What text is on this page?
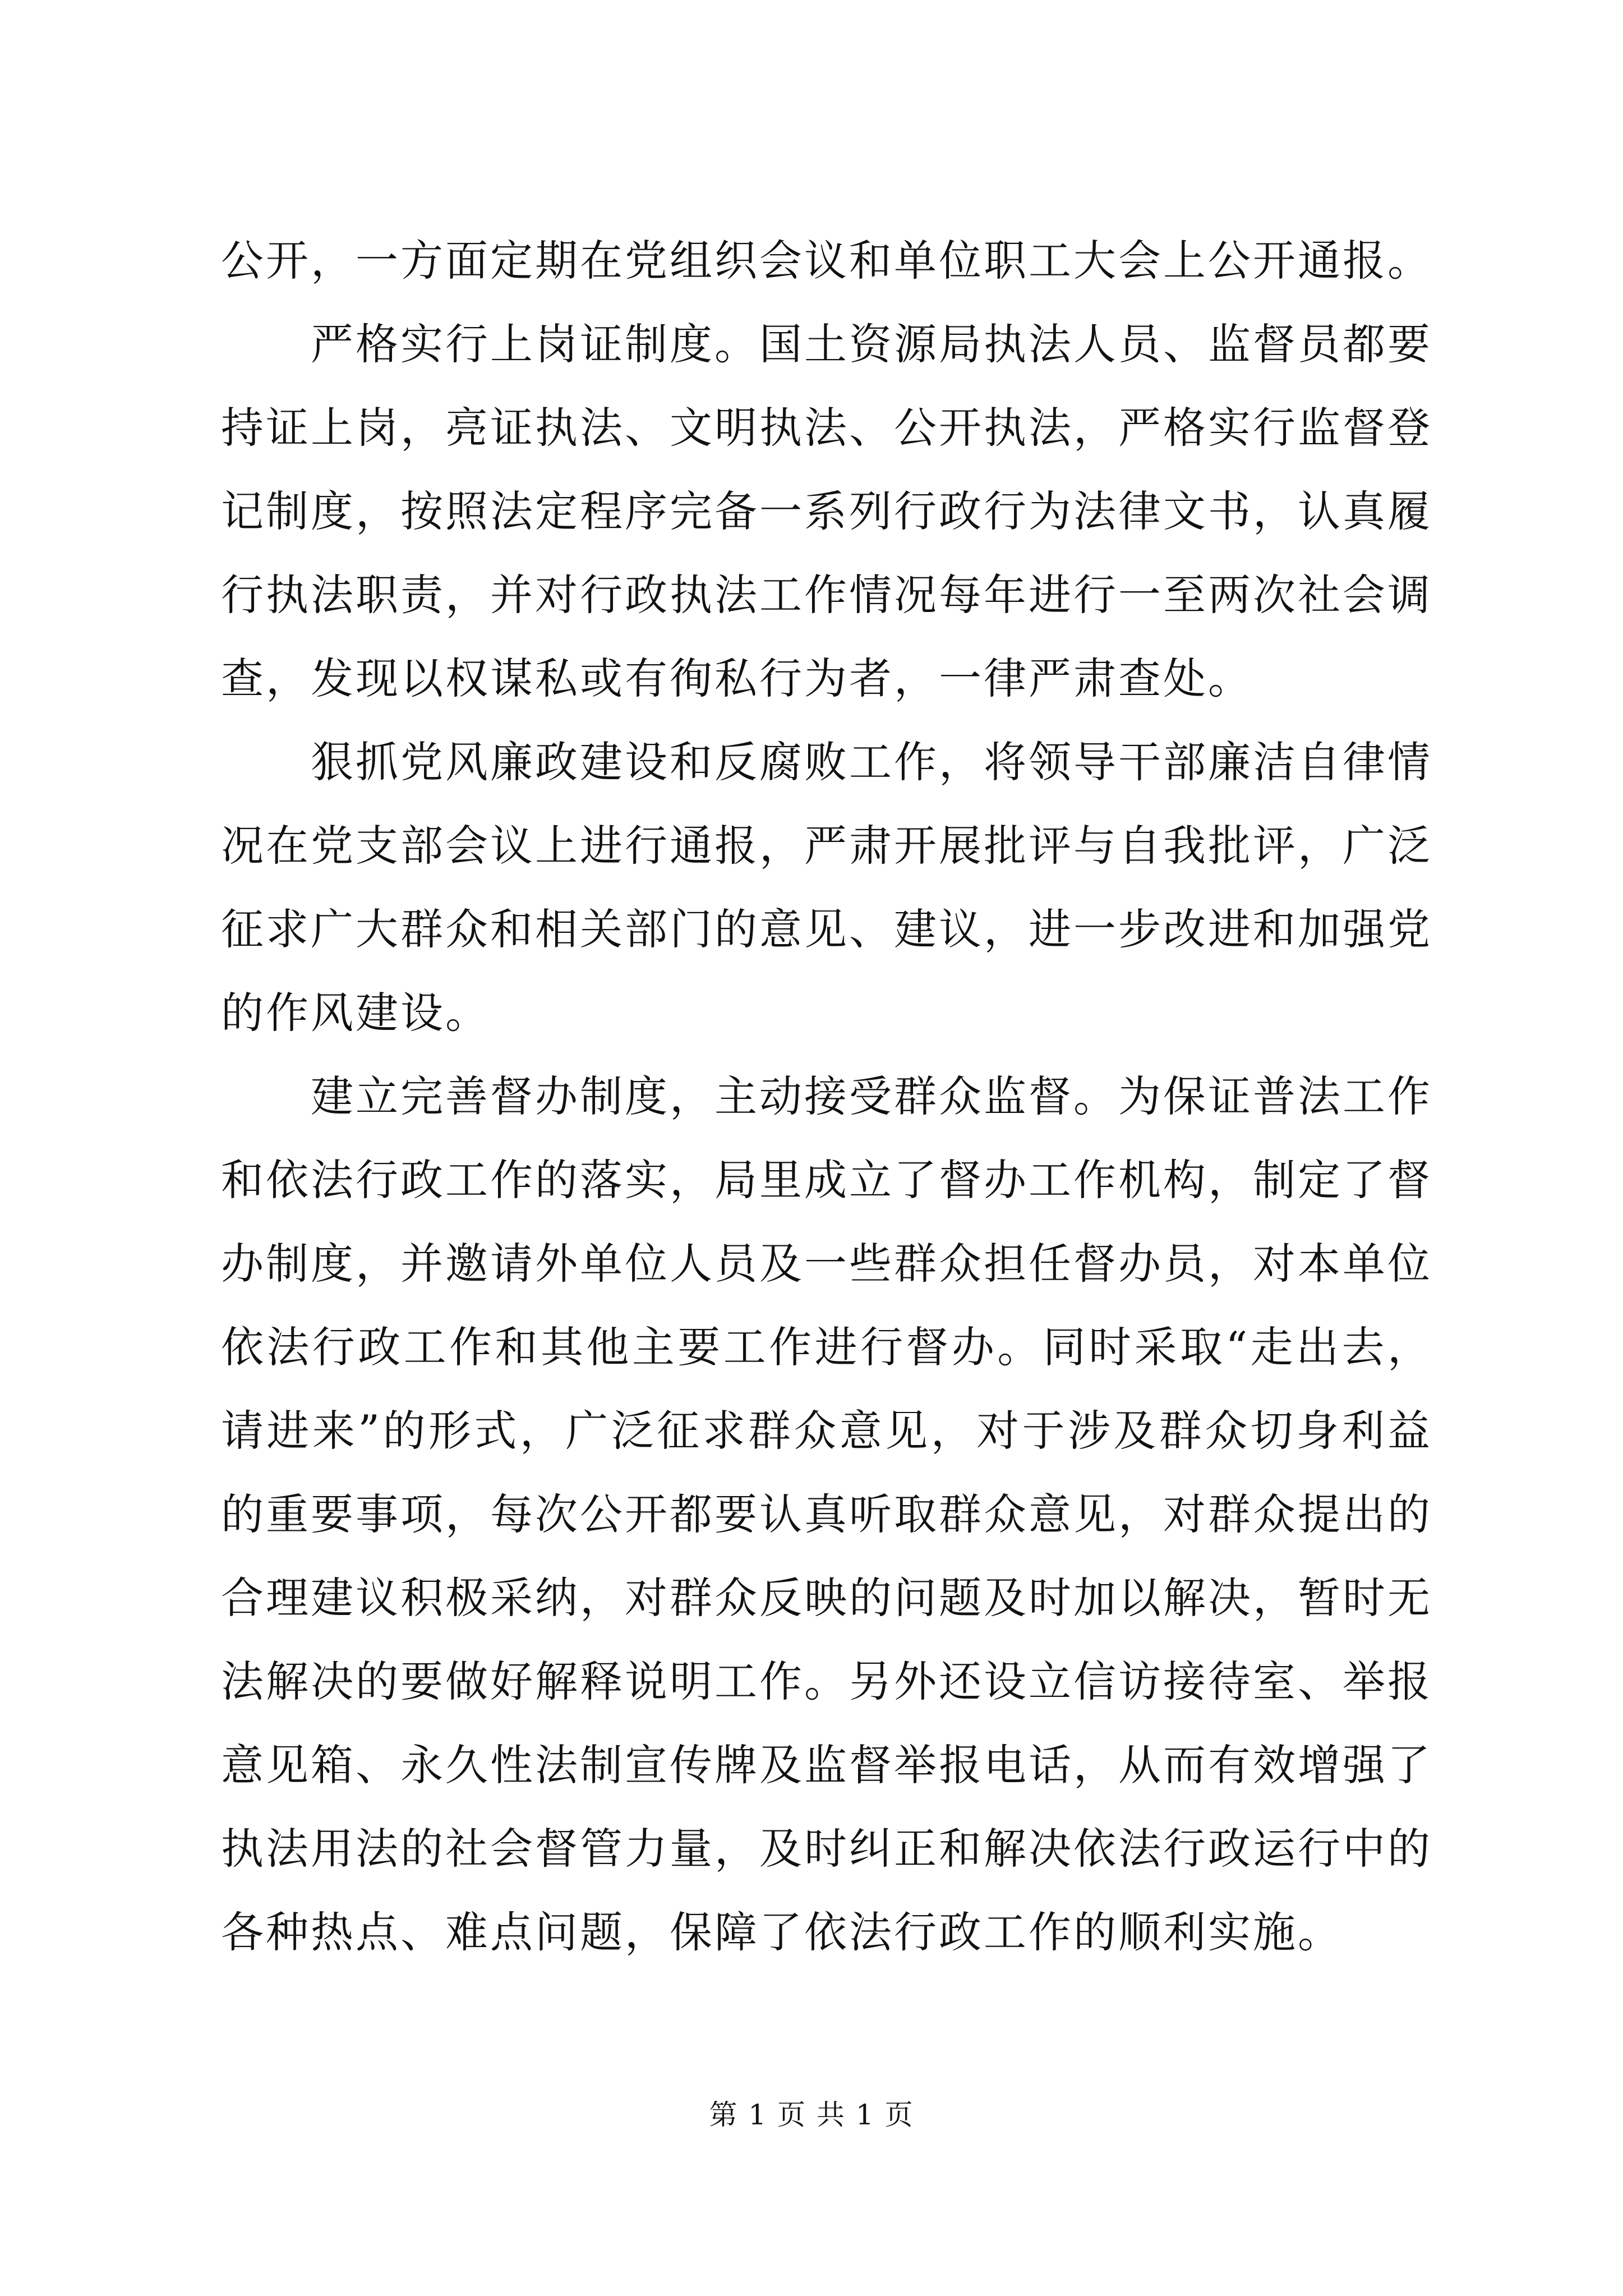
公开，一方面定期在党组织会议和单位职工大会上公开通报。

严格实行上岗证制度。国土资源局执法人员、监督员都要持证上岗，亮证执法、文明执法、公开执法，严格实行监督登记制度，按照法定程序完备一系列行政行为法律文书，认真履行执法职责，并对行政执法工作情况每年进行一至两次社会调查，发现以权谋私或有徇私行为者，一律严肃查处。

狠抓党风廉政建设和反腐败工作，将领导干部廉洁自律情况在党支部会议上进行通报，严肃开展批评与自我批评，广泛征求广大群众和相关部门的意见、建议，进一步改进和加强党的作风建设。

建立完善督办制度，主动接受群众监督。为保证普法工作和依法行政工作的落实，局里成立了督办工作机构，制定了督办制度，并邀请外单位人员及一些群众担任督办员，对本单位依法行政工作和其他主要工作进行督办。同时采取“走出去，请进来”的形式，广泛征求群众意见，对于涉及群众切身利益的重要事项，每次公开都要认真听取群众意见，对群众提出的合理建议积极采纳，对群众反映的问题及时加以解决，暂时无法解决的要做好解释说明工作。另外还设立信访接待室、举报意见箱、永久性法制宣传牌及监督举报电话，从而有效增强了执法用法的社会督管力量，及时纠正和解决依法行政运行中的各种热点、难点问题，保障了依法行政工作的顺利实施。

第 1 页 共 1 页
